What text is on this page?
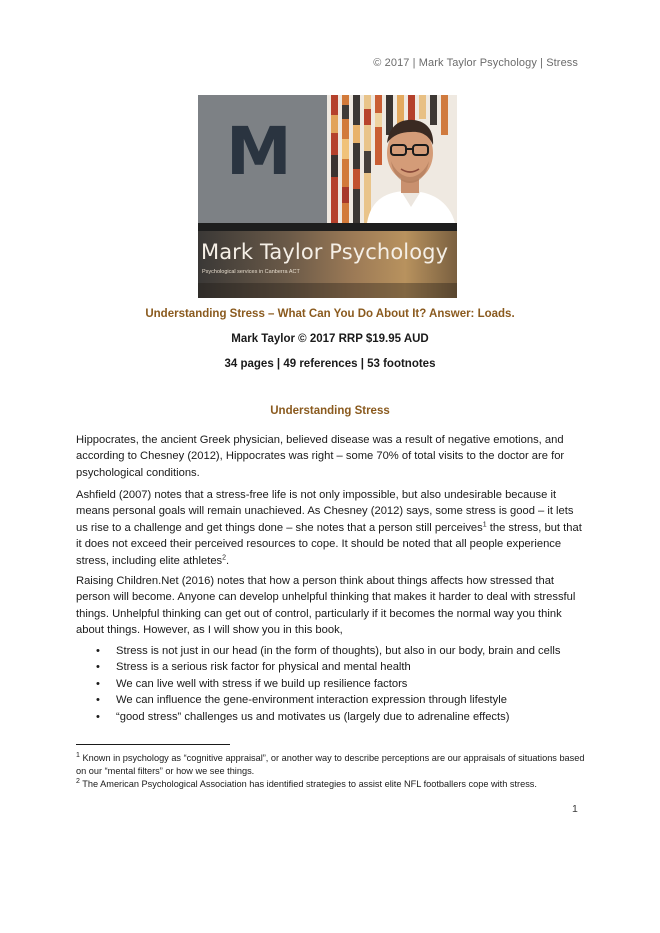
© 2017 | Mark Taylor Psychology | Stress
M
Mark Taylor Psychology
Psychological services in Canberra ACT
Understanding Stress – What Can You Do About It? Answer: Loads.
Mark Taylor © 2017 RRP $19.95 AUD
34 pages | 49 references | 53 footnotes
Understanding Stress

Hippocrates, the ancient Greek physician, believed disease was a result of negative emotions, and according to Chesney (2012), Hippocrates was right – some 70% of total visits to the doctor are for psychological conditions.

Ashfield (2007) notes that a stress-free life is not only impossible, but also undesirable because it means personal goals will remain unachieved. As Chesney (2012) says, some stress is good – it lets us rise to a challenge and get things done – she notes that a person still perceives$^1$ the stress, but that it does not exceed their perceived resources to cope. It should be noted that all people experience stress, including elite athletes$^2$.

Raising Children.Net (2016) notes that how a person think about things affects how stressed that person will become. Anyone can develop unhelpful thinking that makes it harder to deal with stressful things. Unhelpful thinking can get out of control, particularly if it becomes the normal way you think about things. However, as I will show you in this book,

• Stress is not just in our head (in the form of thoughts), but also in our body, brain and cells
• Stress is a serious risk factor for physical and mental health
• We can live well with stress if we build up resilience factors
• We can influence the gene-environment interaction expression through lifestyle
• “good stress” challenges us and motivates us (largely due to adrenaline effects)

$^1$ Known in psychology as “cognitive appraisal”, or another way to describe perceptions are our appraisals of situations based on our “mental filters” or how we see things.

$^2$ The American Psychological Association has identified strategies to assist elite NFL footballers cope with stress.

1
